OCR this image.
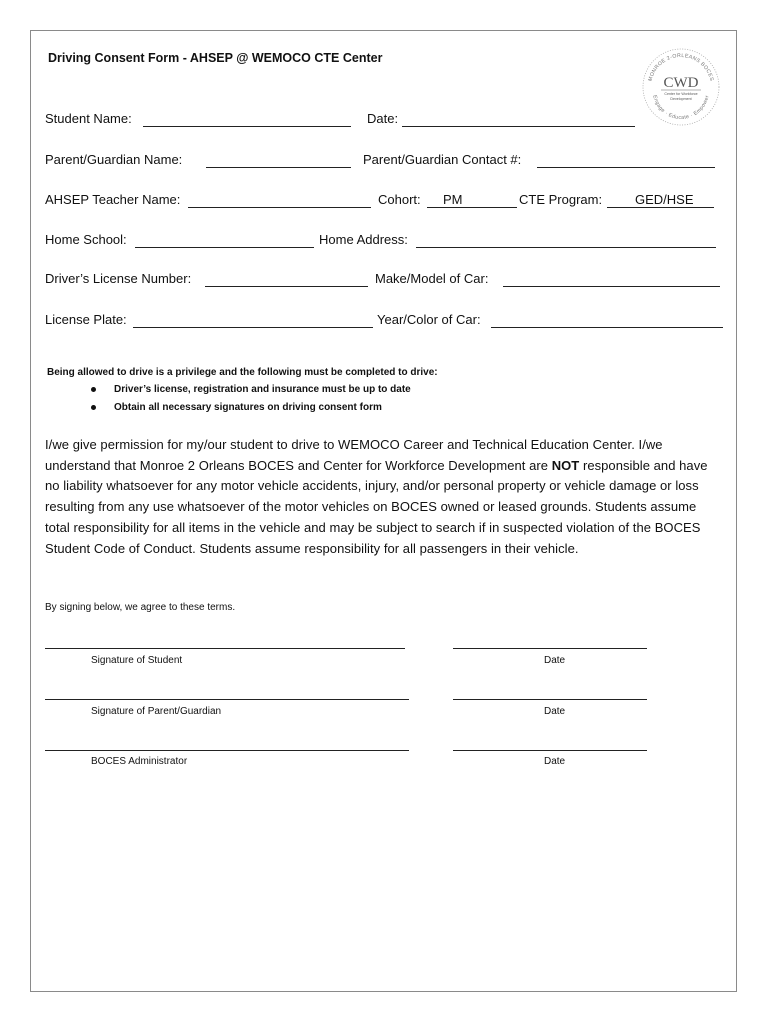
Driving Consent Form - AHSEP @ WEMOCO CTE Center
MONROE 2-ORLEANS BOCES
Engage · Educate · Empower
CWD
Center for Workforce
Development
Student Name:	Date:
Parent/Guardian Name:	Parent/Guardian Contact #:
AHSEP Teacher Name:	Cohort: PM	CTE Program:	GED/HSE
Home School:	Home Address:
Driver’s License Number:	Make/Model of Car:
License Plate:	Year/Color of Car:
Being allowed to drive is a privilege and the following must be completed to drive:
Driver’s license, registration and insurance must be up to date
Obtain all necessary signatures on driving consent form
I/we give permission for my/our student to drive to WEMOCO Career and Technical Education Center. I/we understand that Monroe 2 Orleans BOCES and Center for Workforce Development are NOT responsible and have no liability whatsoever for any motor vehicle accidents, injury, and/or personal property or vehicle damage or loss resulting from any use whatsoever of the motor vehicles on BOCES owned or leased grounds. Students assume total responsibility for all items in the vehicle and may be subject to search if in suspected violation of the BOCES Student Code of Conduct. Students assume responsibility for all passengers in their vehicle.
By signing below, we agree to these terms.
Signature of Student	Date
Signature of Parent/Guardian	Date
BOCES Administrator	Date
